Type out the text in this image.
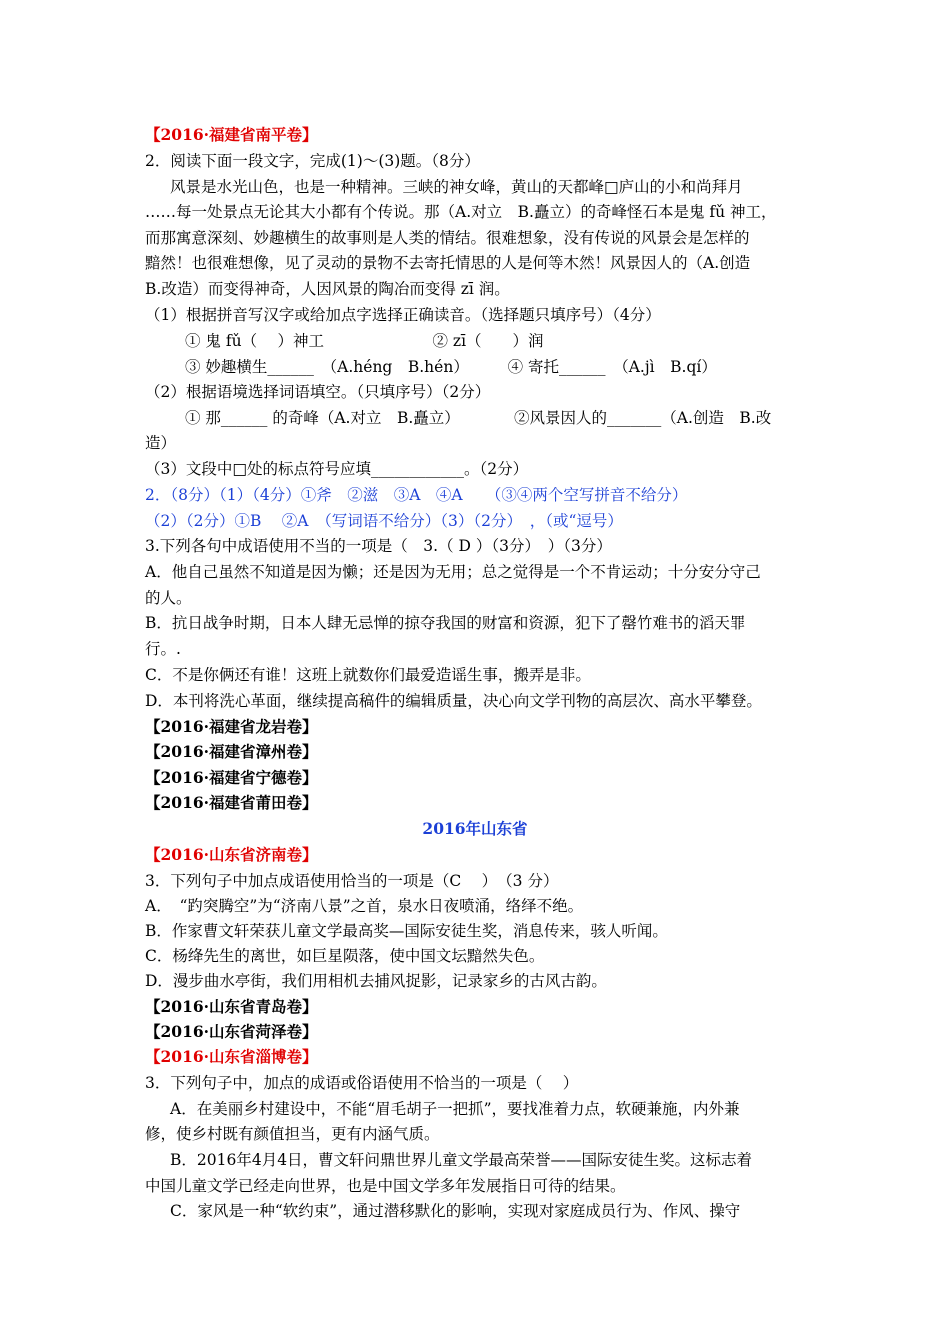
【2016·福建省南平卷】
2．阅读下面一段文字，完成(1)～(3)题。（8分）
风景是水光山色，也是一种精神。三峡的神女峰，黄山的天都峰□庐山的小和尚拜月
……每一处景点无论其大小都有个传说。那（A.对立　B.矗立）的奇峰怪石本是鬼 fǔ 神工，
而那寓意深刻、妙趣横生的故事则是人类的情结。很难想象，没有传说的风景会是怎样的
黯然！也很难想像，见了灵动的景物不去寄托情思的人是何等木然！风景因人的（A.创造
B.改造）而变得神奇，人因风景的陶冶而变得 zī 润。
（1）根据拼音写汉字或给加点字选择正确读音。（选择题只填序号）（4分）
① 鬼 fǔ（　 ）神工　　　　　　　② zī（　　）润
③ 妙趣横生______　（A.héng　B.hén）　　　④ 寄托______　（A.jì　B.qí）
（2）根据语境选择词语填空。（只填序号）（2分）
① 那______ 的奇峰（A.对立　B.矗立）　　　　②风景因人的_______（A.创造　B.改
造）
（3）文段中□处的标点符号应填____________。（2分）
2．（8分）（1）（4分）①斧　②滋　③A　④A　　（③④两个空写拼音不给分）
（2）（2分）①B　 ②A　（写词语不给分）（3）（2分）　，（或“逗号）
3.下列各句中成语使用不当的一项是（　3.（ D ）（3分）　）（3分）
A．他自己虽然不知道是因为懒；还是因为无用；总之觉得是一个不肯运动；十分安分守己
的人。
B．抗日战争时期，日本人肆无忌惮的掠夺我国的财富和资源，犯下了罄竹难书的滔天罪
行。.
C．不是你俩还有谁！这班上就数你们最爱造谣生事，搬弄是非。
D．本刊将洗心革面，继续提高稿件的编辑质量，决心向文学刊物的高层次、高水平攀登。
【2016·福建省龙岩卷】
【2016·福建省漳州卷】
【2016·福建省宁德卷】
【2016·福建省莆田卷】
2016年山东省
【2016·山东省济南卷】
3．下列句子中加点成语使用恰当的一项是（C　 ）　（3 分）
A．　“趵突腾空”为“济南八景”之首，泉水日夜喷涌，络绎不绝。
B．作家曹文轩荣获儿童文学最高奖—国际安徒生奖，消息传来，骇人听闻。
C．杨绛先生的离世，如巨星陨落，使中国文坛黯然失色。
D．漫步曲水亭街，我们用相机去捕风捉影，记录家乡的古风古韵。
【2016·山东省青岛卷】
【2016·山东省菏泽卷】
【2016·山东省淄博卷】
3．下列句子中，加点的成语或俗语使用不恰当的一项是（　 ）
A．在美丽乡村建设中，不能“眉毛胡子一把抓”，要找准着力点，软硬兼施，内外兼
修，使乡村既有颜值担当，更有内涵气质。
B．2016年4月4日，曹文轩问鼎世界儿童文学最高荣誉——国际安徒生奖。这标志着
中国儿童文学已经走向世界，也是中国文学多年发展指日可待的结果。
C．家风是一种“软约束”，通过潜移默化的影响，实现对家庭成员行为、作风、操守
